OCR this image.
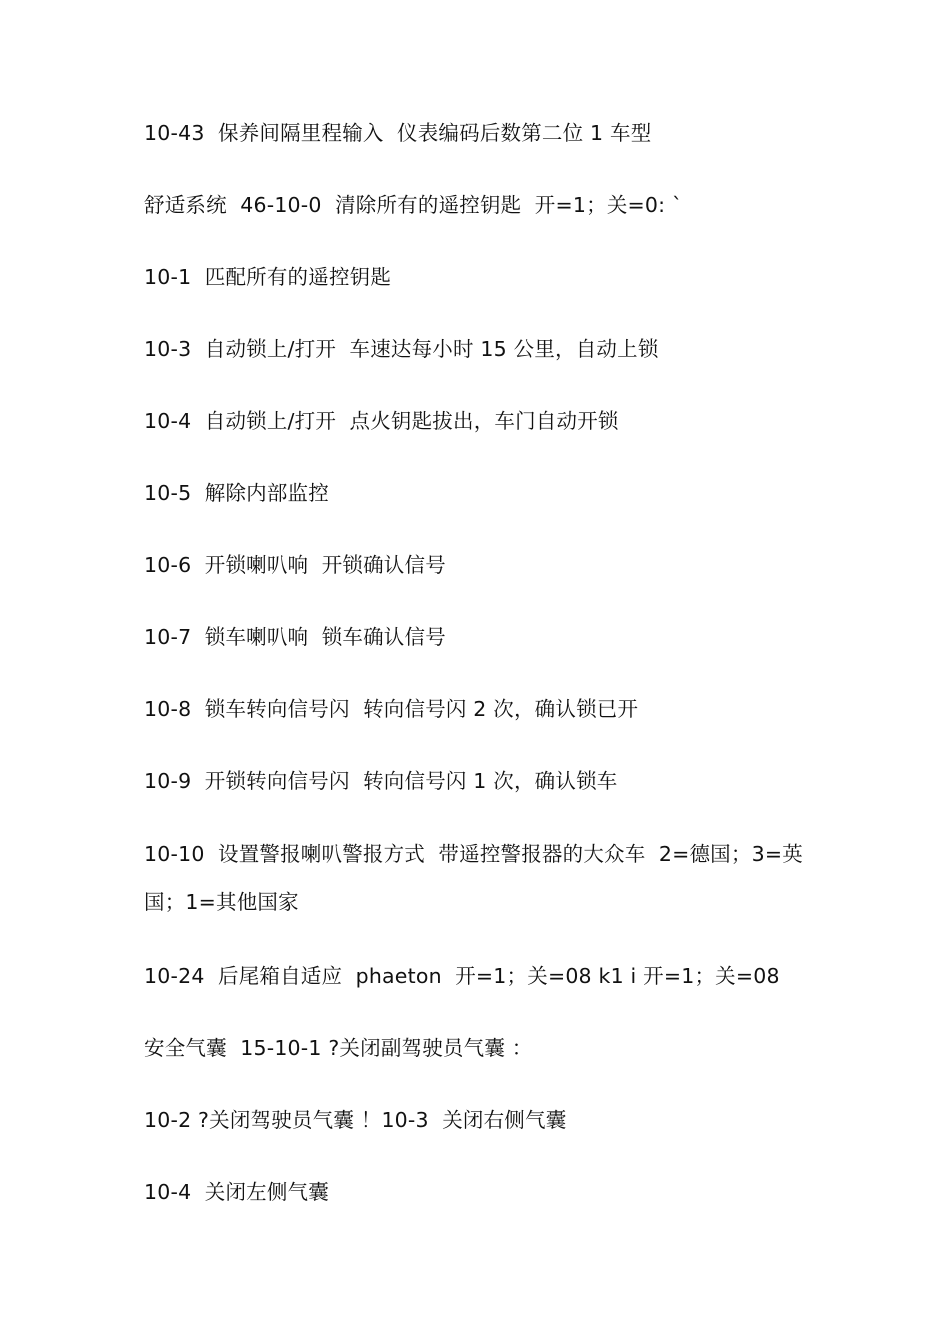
10-43  保养间隔里程输入  仪表编码后数第二位 1 车型
舒适系统  46-10-0  清除所有的遥控钥匙  开=1；关=0: `
10-1  匹配所有的遥控钥匙
10-3  自动锁上/打开  车速达每小时 15 公里，自动上锁
10-4  自动锁上/打开  点火钥匙拔出，车门自动开锁
10-5  解除内部监控
10-6  开锁喇叭响  开锁确认信号
10-7  锁车喇叭响  锁车确认信号
10-8  锁车转向信号闪  转向信号闪 2 次，确认锁已开
10-9  开锁转向信号闪  转向信号闪 1 次，确认锁车
10-10  设置警报喇叭警报方式  带遥控警报器的大众车  2=德国；3=英国；1=其他国家
10-24  后尾箱自适应  phaeton  开=1；关=08 k1 i 开=1；关=08
安全气囊  15-10-1 ?关闭副驾驶员气囊 ：
10-2 ?关闭驾驶员气囊 ！10-3  关闭右侧气囊
10-4  关闭左侧气囊
